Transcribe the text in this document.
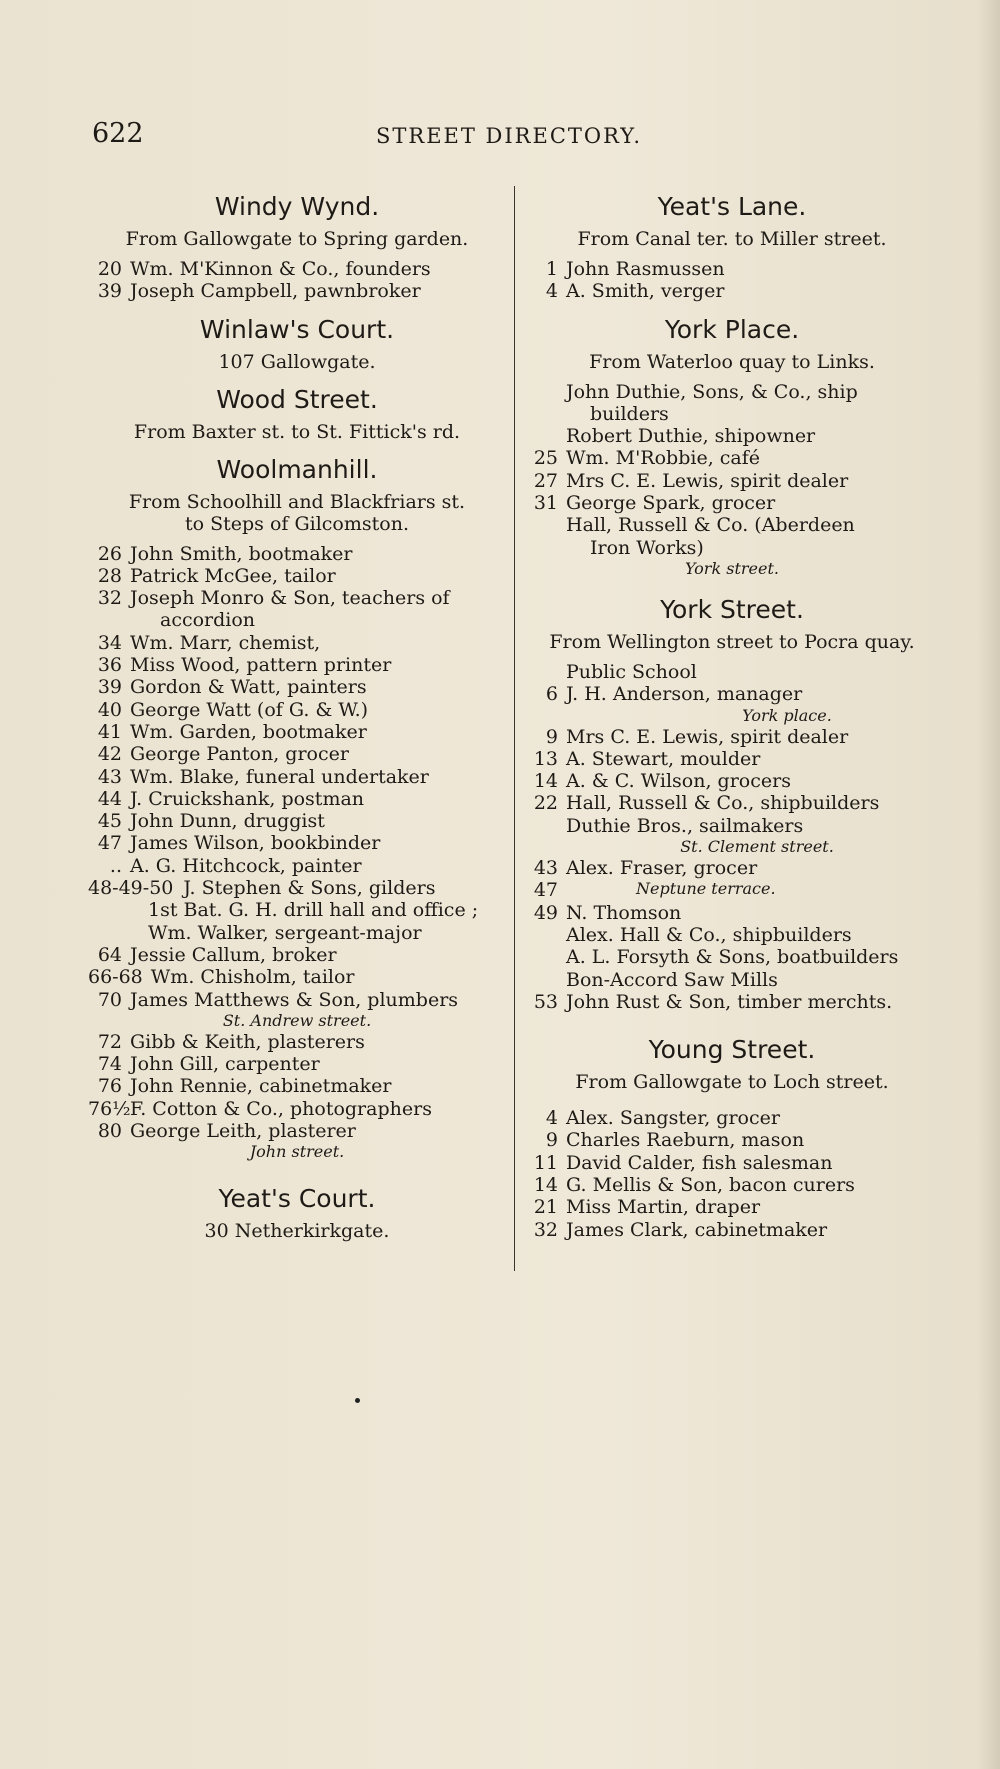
622	STREET DIRECTORY.
Windy Wynd.
From Gallowgate to Spring garden.
20 Wm. M'Kinnon & Co., founders
39 Joseph Campbell, pawnbroker
Winlaw's Court.
107 Gallowgate.
Wood Street.
From Baxter st. to St. Fittick's rd.
Woolmanhill.
From Schoolhill and Blackfriars st.
to Steps of Gilcomston.
26 John Smith, bootmaker
28 Patrick McGee, tailor
32 Joseph Monro & Son, teachers of
accordion
34 Wm. Marr, chemist,
36 Miss Wood, pattern printer
39 Gordon & Watt, painters
40 George Watt (of G. & W.)
41 Wm. Garden, bootmaker
42 George Panton, grocer
43 Wm. Blake, funeral undertaker
44 J. Cruickshank, postman
45 John Dunn, druggist
47 James Wilson, bookbinder
.. A. G. Hitchcock, painter
48-49-50 J. Stephen & Sons, gilders
1st Bat. G. H. drill hall and office ;
Wm. Walker, sergeant-major
64 Jessie Callum, broker
66-68 Wm. Chisholm, tailor
70 James Matthews & Son, plumbers
St. Andrew street.
72 Gibb & Keith, plasterers
74 John Gill, carpenter
76 John Rennie, cabinetmaker
76½ F. Cotton & Co., photographers
80 George Leith, plasterer
John street.
Yeat's Court.
30 Netherkirkgate.
Yeat's Lane.
From Canal ter. to Miller street.
1 John Rasmussen
4 A. Smith, verger
York Place.
From Waterloo quay to Links.
John Duthie, Sons, & Co., ship
builders
Robert Duthie, shipowner
25 Wm. M'Robbie, café
27 Mrs C. E. Lewis, spirit dealer
31 George Spark, grocer
Hall, Russell & Co. (Aberdeen
Iron Works)
York street.
York Street.
From Wellington street to Pocra quay.
Public School
6 J. H. Anderson, manager
York place.
9 Mrs C. E. Lewis, spirit dealer
13 A. Stewart, moulder
14 A. & C. Wilson, grocers
22 Hall, Russell & Co., shipbuilders
Duthie Bros., sailmakers
St. Clement street.
43 Alex. Fraser, grocer
47	Neptune terrace.
49 N. Thomson
Alex. Hall & Co., shipbuilders
A. L. Forsyth & Sons, boatbuilders
Bon-Accord Saw Mills
53 John Rust & Son, timber merchts.
Young Street.
From Gallowgate to Loch street.
4 Alex. Sangster, grocer
9 Charles Raeburn, mason
11 David Calder, fish salesman
14 G. Mellis & Son, bacon curers
21 Miss Martin, draper
32 James Clark, cabinetmaker
